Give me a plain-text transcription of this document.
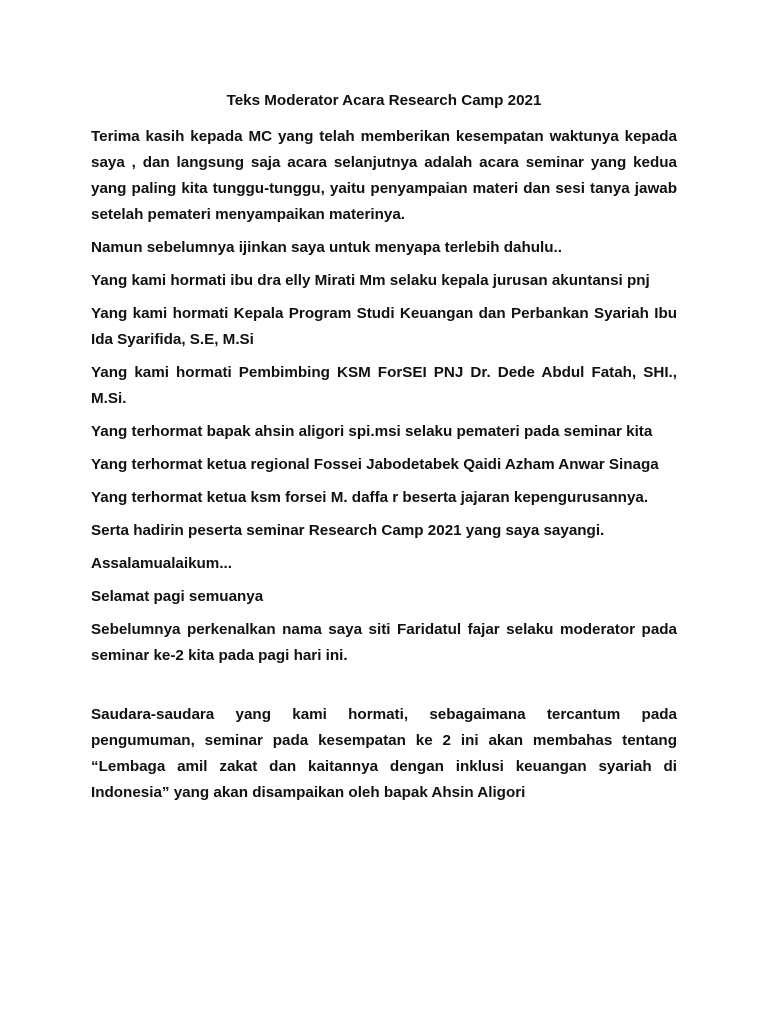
Teks Moderator Acara Research Camp 2021
Terima kasih kepada MC yang telah memberikan kesempatan waktunya kepada saya , dan langsung saja acara selanjutnya adalah acara seminar yang kedua yang paling kita tunggu-tunggu, yaitu penyampaian materi dan sesi tanya jawab setelah pemateri menyampaikan materinya.
Namun sebelumnya ijinkan saya untuk menyapa terlebih dahulu..
Yang kami hormati ibu dra elly Mirati Mm selaku kepala jurusan akuntansi pnj
Yang kami hormati Kepala Program Studi Keuangan dan Perbankan Syariah Ibu Ida Syarifida, S.E, M.Si
Yang kami hormati Pembimbing KSM ForSEI PNJ Dr. Dede Abdul Fatah, SHI., M.Si.
Yang terhormat bapak ahsin aligori spi.msi selaku pemateri pada seminar kita
Yang terhormat ketua regional Fossei Jabodetabek Qaidi Azham Anwar Sinaga
Yang terhormat ketua ksm forsei M. daffa r beserta jajaran kepengurusannya.
Serta hadirin peserta seminar Research Camp 2021 yang saya sayangi.
Assalamualaikum...
Selamat pagi semuanya
Sebelumnya perkenalkan nama saya siti Faridatul fajar selaku moderator pada seminar ke-2 kita pada pagi hari ini.
Saudara-saudara yang kami hormati, sebagaimana tercantum pada pengumuman, seminar pada kesempatan ke 2 ini akan membahas tentang “Lembaga amil zakat dan kaitannya dengan inklusi keuangan syariah di Indonesia” yang akan disampaikan oleh bapak Ahsin Aligori
